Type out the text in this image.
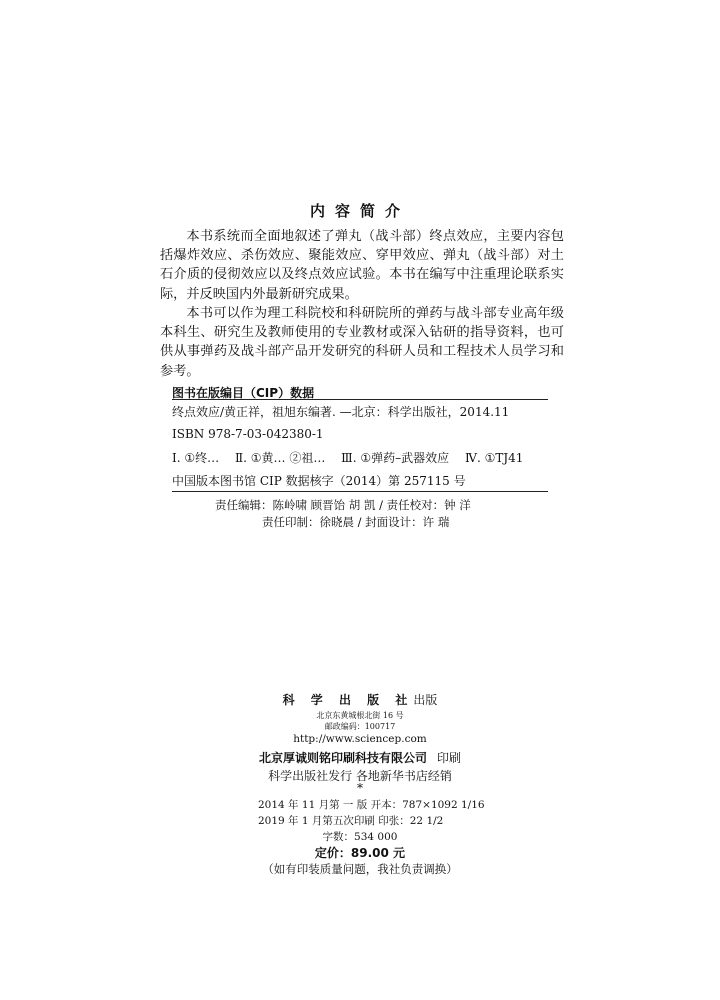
内容简介

本书系统而全面地叙述了弹丸（战斗部）终点效应，主要内容包括爆炸效应、杀伤效应、聚能效应、穿甲效应、弹丸（战斗部）对土石介质的侵彻效应以及终点效应试验。本书在编写中注重理论联系实际，并反映国内外最新研究成果。

本书可以作为理工科院校和科研院所的弹药与战斗部专业高年级本科生、研究生及教师使用的专业教材或深入钻研的指导资料，也可供从事弹药及战斗部产品开发研究的科研人员和工程技术人员学习和参考。

图书在版编目（CIP）数据
终点效应/黄正祥，祖旭东编著. —北京：科学出版社，2014.11
ISBN 978-7-03-042380-1
Ⅰ. ①终… Ⅱ. ①黄… ②祖… Ⅲ. ①弹药–武器效应 Ⅳ. ①TJ41
中国版本图书馆 CIP 数据核字（2014）第 257115 号
责任编辑：陈岭啸 顾晋饴 胡 凯 / 责任校对：钟 洋
责任印制：徐晓晨 / 封面设计：许 瑞
科 学 出 版 社出版
北京东黄城根北街 16 号
邮政编码：100717
http://www.sciencep.com
北京厚诚则铭印刷科技有限公司 印刷
科学出版社发行 各地新华书店经销
*
2014 年 11 月第 一 版 开本：787×1092 1/16
2019 年 1 月第五次印刷 印张：22 1/2
字数：534 000
定价：89.00 元
（如有印装质量问题，我社负责调换）
